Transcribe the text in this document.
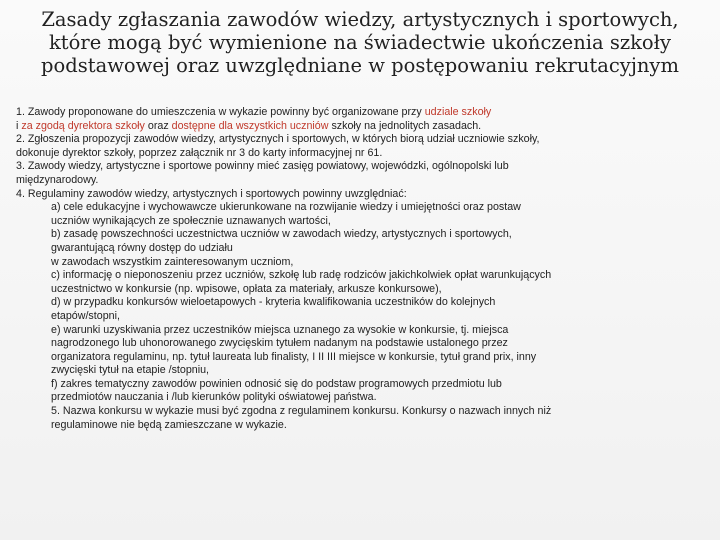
Zasady zgłaszania zawodów wiedzy, artystycznych i sportowych,
które mogą być wymienione na świadectwie ukończenia szkoły
podstawowej oraz uwzględniane w postępowaniu rekrutacyjnym
1. Zawody proponowane do umieszczenia w wykazie powinny być organizowane przy udziale szkoły
i za zgodą dyrektora szkoły oraz dostępne dla wszystkich uczniów szkoły na jednolitych zasadach.
2. Zgłoszenia propozycji zawodów wiedzy, artystycznych i sportowych, w których biorą udział uczniowie szkoły,
dokonuje dyrektor szkoły, poprzez załącznik nr 3 do karty informacyjnej nr 61.
3. Zawody wiedzy, artystyczne i sportowe powinny mieć zasięg powiatowy, wojewódzki, ogólnopolski lub
międzynarodowy.
4. Regulaminy zawodów wiedzy, artystycznych i sportowych powinny uwzględniać:
a) cele edukacyjne i wychowawcze ukierunkowane na rozwijanie wiedzy i umiejętności oraz postaw
uczniów wynikających ze społecznie uznawanych wartości,
b) zasadę powszechności uczestnictwa uczniów w zawodach wiedzy, artystycznych i sportowych,
gwarantującą równy dostęp do udziału
w zawodach wszystkim zainteresowanym uczniom,
c) informację o nieponoszeniu przez uczniów, szkołę lub radę rodziców jakichkolwiek opłat warunkujących
uczestnictwo w konkursie (np. wpisowe, opłata za materiały, arkusze konkursowe),
d) w przypadku konkursów wieloetapowych - kryteria kwalifikowania uczestników do kolejnych
etapów/stopni,
e) warunki uzyskiwania przez uczestników miejsca uznanego za wysokie w konkursie, tj. miejsca
nagrodzonego lub uhonorowanego zwycięskim tytułem nadanym na podstawie ustalonego przez
organizatora regulaminu, np. tytuł laureata lub finalisty, I II III miejsce w konkursie, tytuł grand prix, inny
zwycięski tytuł na etapie /stopniu,
f) zakres tematyczny zawodów powinien odnosić się do podstaw programowych przedmiotu lub
przedmiotów nauczania i /lub kierunków polityki oświatowej państwa.
5. Nazwa konkursu w wykazie musi być zgodna z regulaminem konkursu. Konkursy o nazwach innych niż
regulaminowe nie będą zamieszczane w wykazie.
